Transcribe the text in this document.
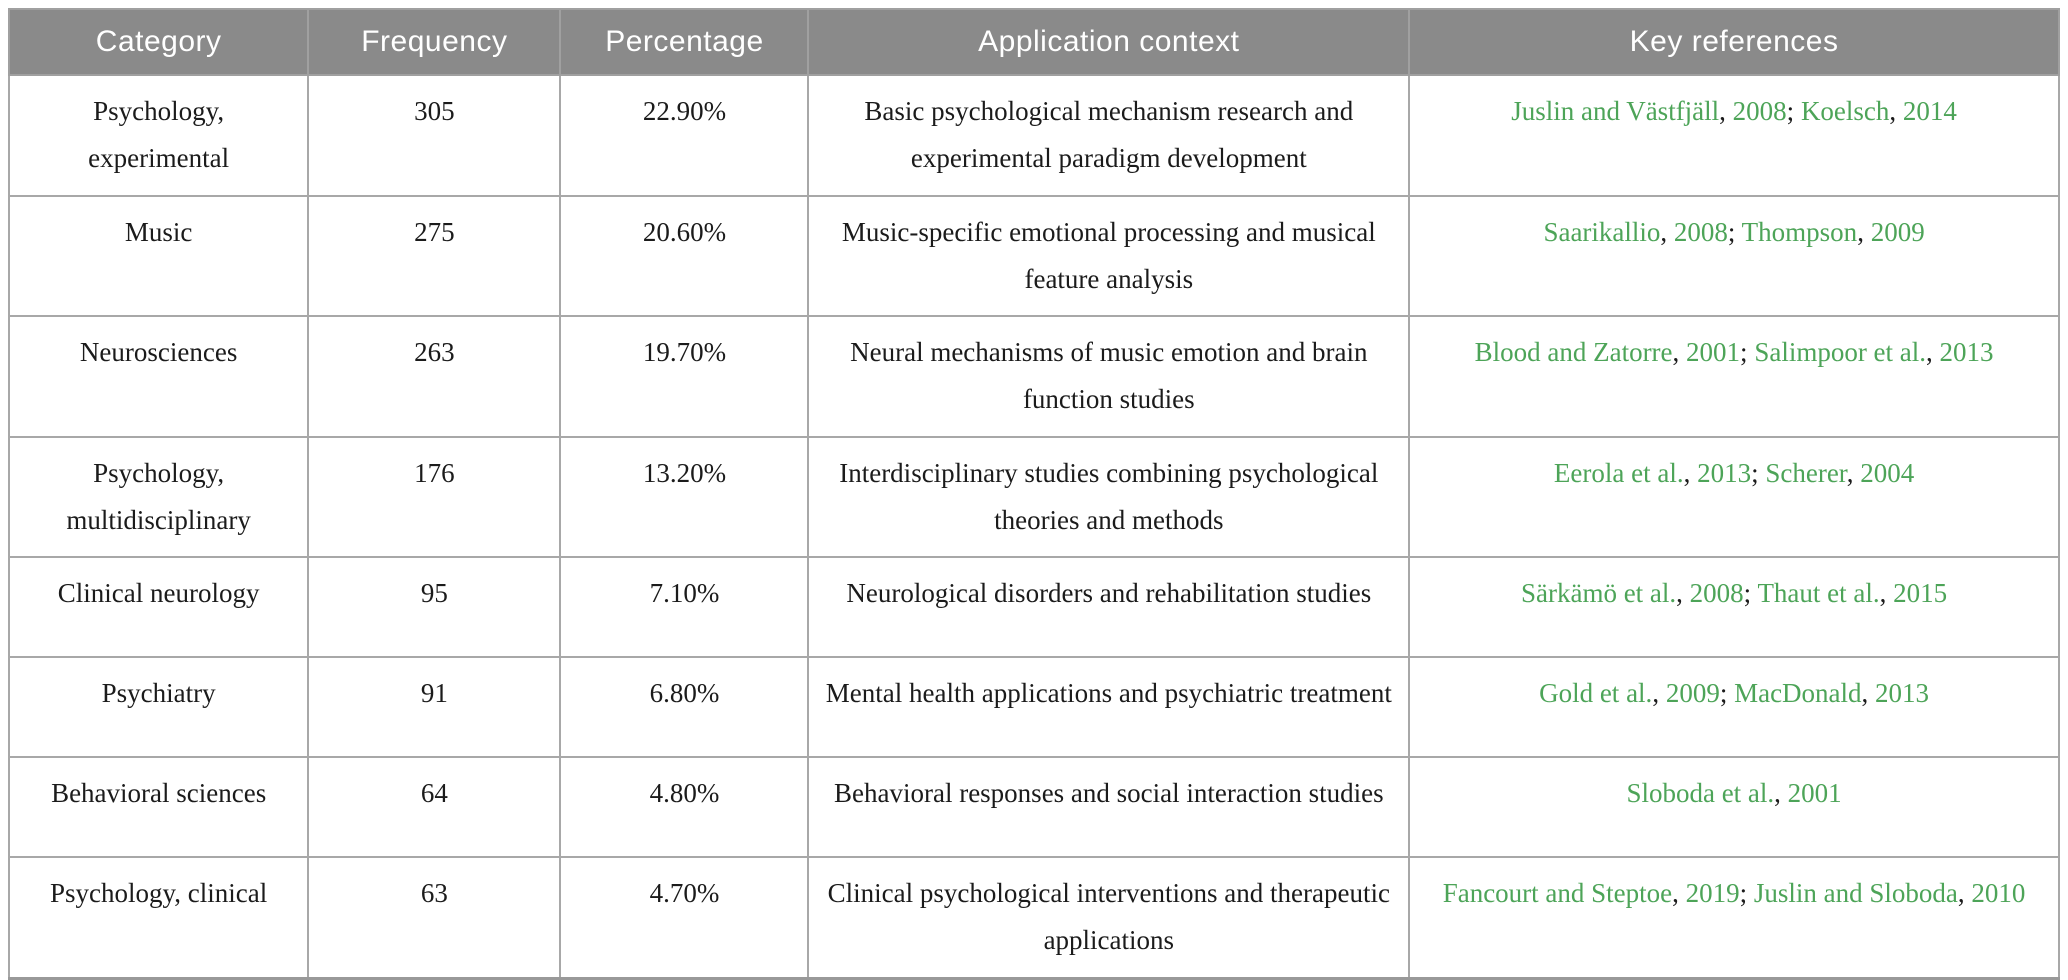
Category	Frequency	Percentage	Application context	Key references
Psychology, experimental	305	22.90%	Basic psychological mechanism research and experimental paradigm development	Juslin and Västfjäll, 2008; Koelsch, 2014
Music	275	20.60%	Music-specific emotional processing and musical feature analysis	Saarikallio, 2008; Thompson, 2009
Neurosciences	263	19.70%	Neural mechanisms of music emotion and brain function studies	Blood and Zatorre, 2001; Salimpoor et al., 2013
Psychology, multidisciplinary	176	13.20%	Interdisciplinary studies combining psychological theories and methods	Eerola et al., 2013; Scherer, 2004
Clinical neurology	95	7.10%	Neurological disorders and rehabilitation studies	Särkämö et al., 2008; Thaut et al., 2015
Psychiatry	91	6.80%	Mental health applications and psychiatric treatment	Gold et al., 2009; MacDonald, 2013
Behavioral sciences	64	4.80%	Behavioral responses and social interaction studies	Sloboda et al., 2001
Psychology, clinical	63	4.70%	Clinical psychological interventions and therapeutic applications	Fancourt and Steptoe, 2019; Juslin and Sloboda, 2010
